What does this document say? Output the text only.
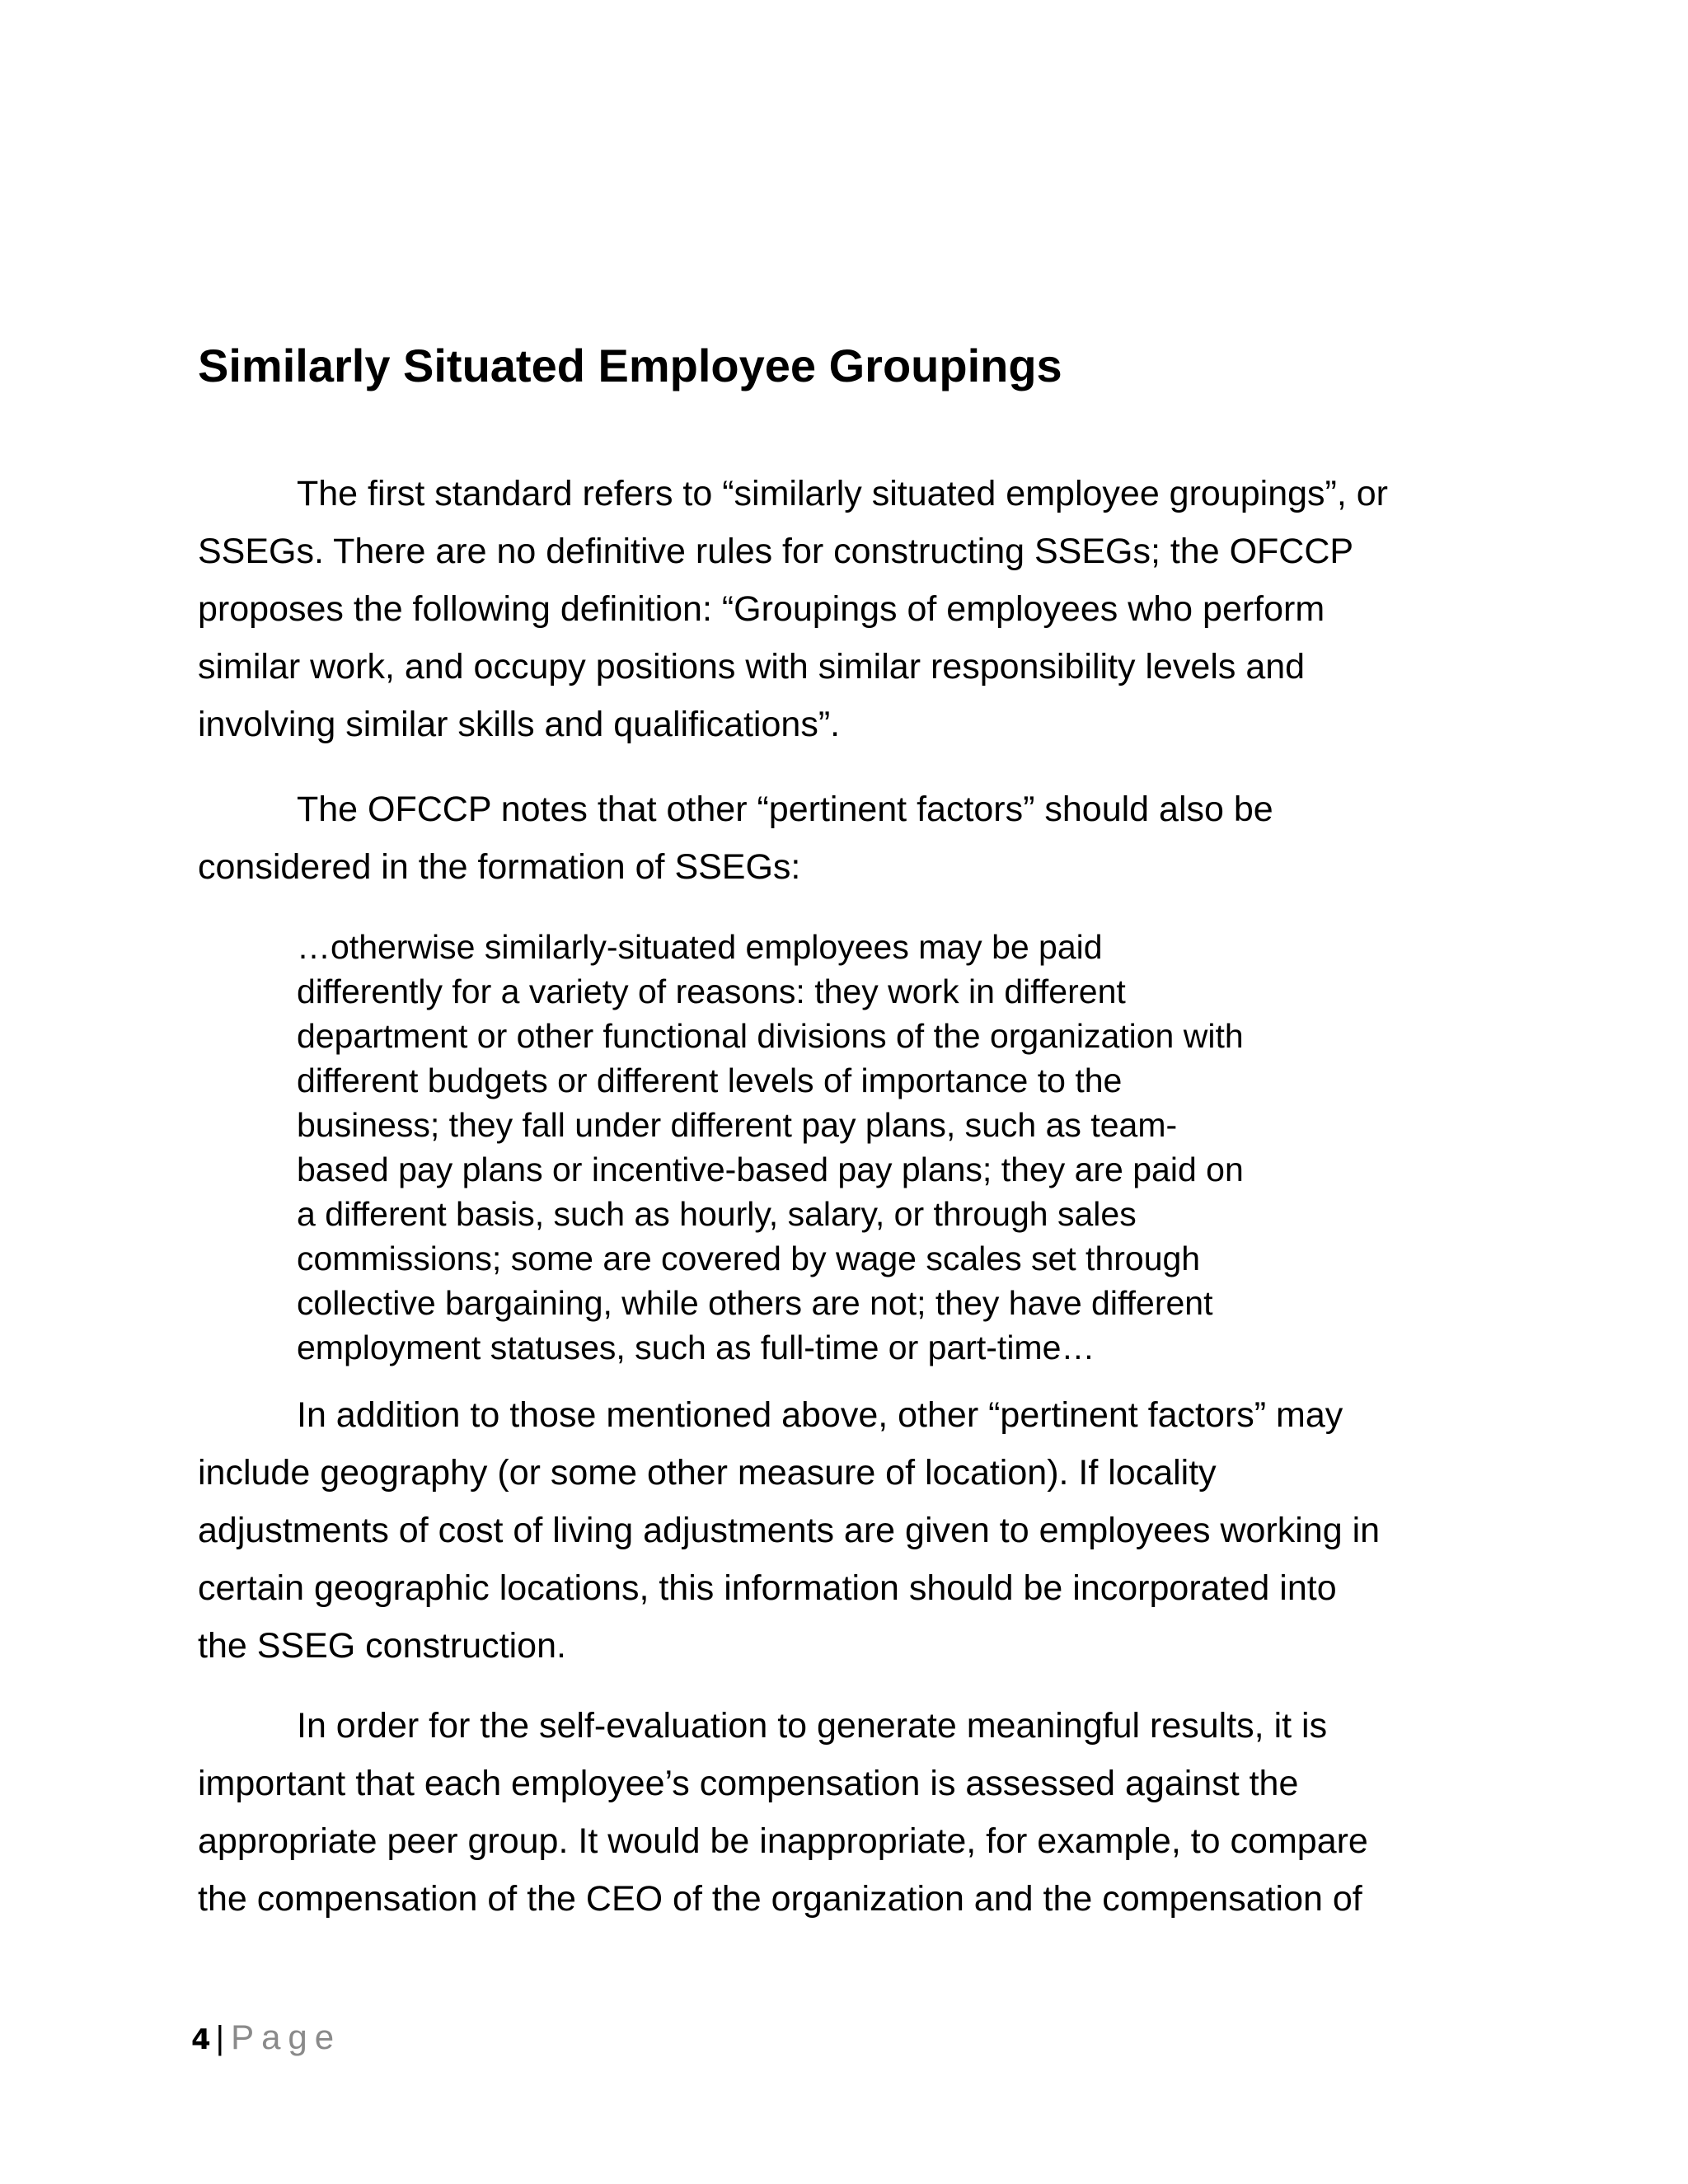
Similarly Situated Employee Groupings

The first standard refers to “similarly situated employee groupings”, or
SSEGs. There are no definitive rules for constructing SSEGs; the OFCCP
proposes the following definition: “Groupings of employees who perform
similar work, and occupy positions with similar responsibility levels and
involving similar skills and qualifications”.

The OFCCP notes that other “pertinent factors” should also be
considered in the formation of SSEGs:

…otherwise similarly-situated employees may be paid
differently for a variety of reasons: they work in different
department or other functional divisions of the organization with
different budgets or different levels of importance to the
business; they fall under different pay plans, such as team-
based pay plans or incentive-based pay plans; they are paid on
a different basis, such as hourly, salary, or through sales
commissions; some are covered by wage scales set through
collective bargaining, while others are not; they have different
employment statuses, such as full-time or part-time…

In addition to those mentioned above, other “pertinent factors” may
include geography (or some other measure of location). If locality
adjustments of cost of living adjustments are given to employees working in
certain geographic locations, this information should be incorporated into
the SSEG construction.

In order for the self-evaluation to generate meaningful results, it is
important that each employee’s compensation is assessed against the
appropriate peer group. It would be inappropriate, for example, to compare
the compensation of the CEO of the organization and the compensation of

4 | Page
